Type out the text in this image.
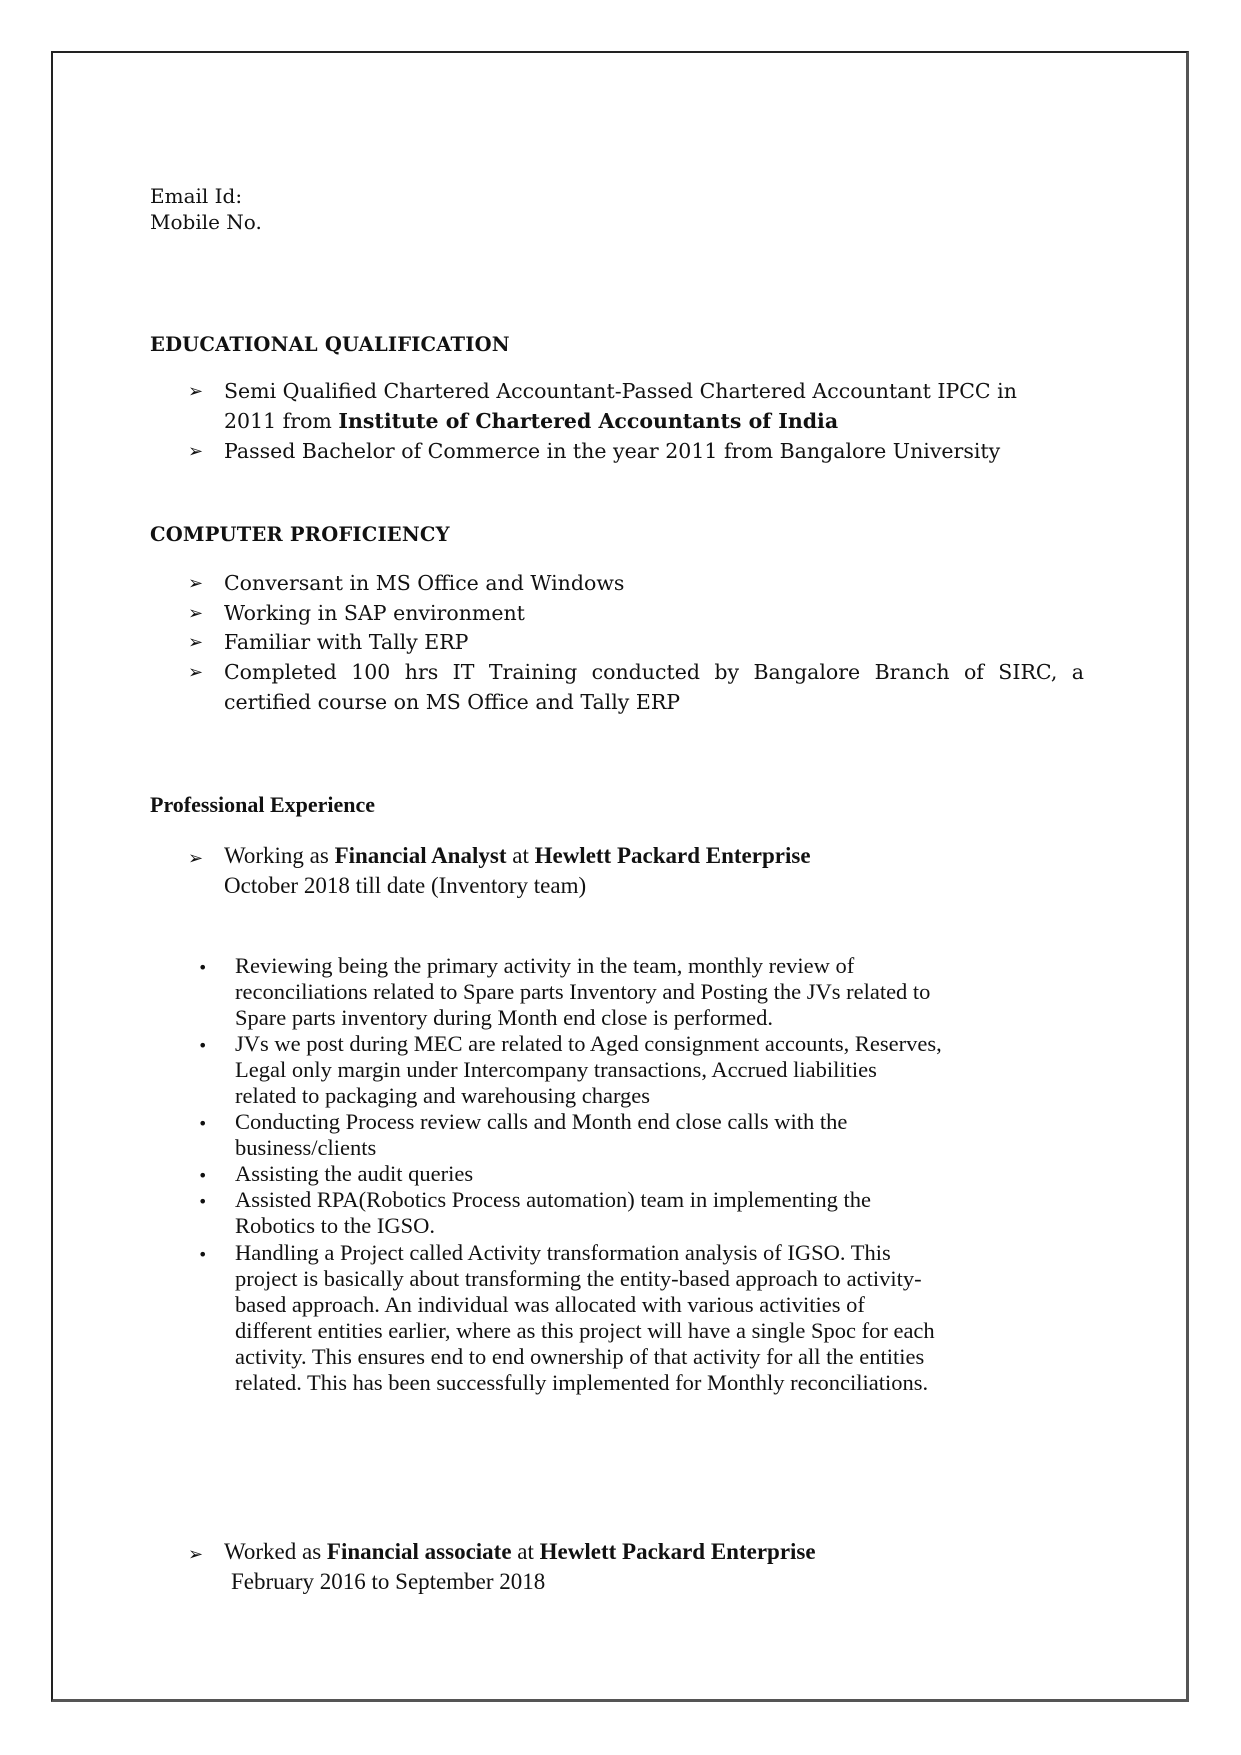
Email Id:
Mobile No.
EDUCATIONAL QUALIFICATION
➢ Semi Qualified Chartered Accountant-Passed Chartered Accountant IPCC in
2011 from Institute of Chartered Accountants of India
➢ Passed Bachelor of Commerce in the year 2011 from Bangalore University
COMPUTER PROFICIENCY
➢ Conversant in MS Office and Windows
➢ Working in SAP environment
➢ Familiar with Tally ERP
➢ Completed 100 hrs IT Training conducted by Bangalore Branch of SIRC, a
certified course on MS Office and Tally ERP
Professional Experience
➢ Working as Financial Analyst at Hewlett Packard Enterprise
October 2018 till date (Inventory team)
• Reviewing being the primary activity in the team, monthly review of
reconciliations related to Spare parts Inventory and Posting the JVs related to
Spare parts inventory during Month end close is performed.
• JVs we post during MEC are related to Aged consignment accounts, Reserves,
Legal only margin under Intercompany transactions, Accrued liabilities
related to packaging and warehousing charges
• Conducting Process review calls and Month end close calls with the
business/clients
• Assisting the audit queries
• Assisted RPA(Robotics Process automation) team in implementing the
Robotics to the IGSO.
• Handling a Project called Activity transformation analysis of IGSO. This
project is basically about transforming the entity-based approach to activity-
based approach. An individual was allocated with various activities of
different entities earlier, where as this project will have a single Spoc for each
activity. This ensures end to end ownership of that activity for all the entities
related. This has been successfully implemented for Monthly reconciliations.
➢ Worked as Financial associate at Hewlett Packard Enterprise
February 2016 to September 2018
